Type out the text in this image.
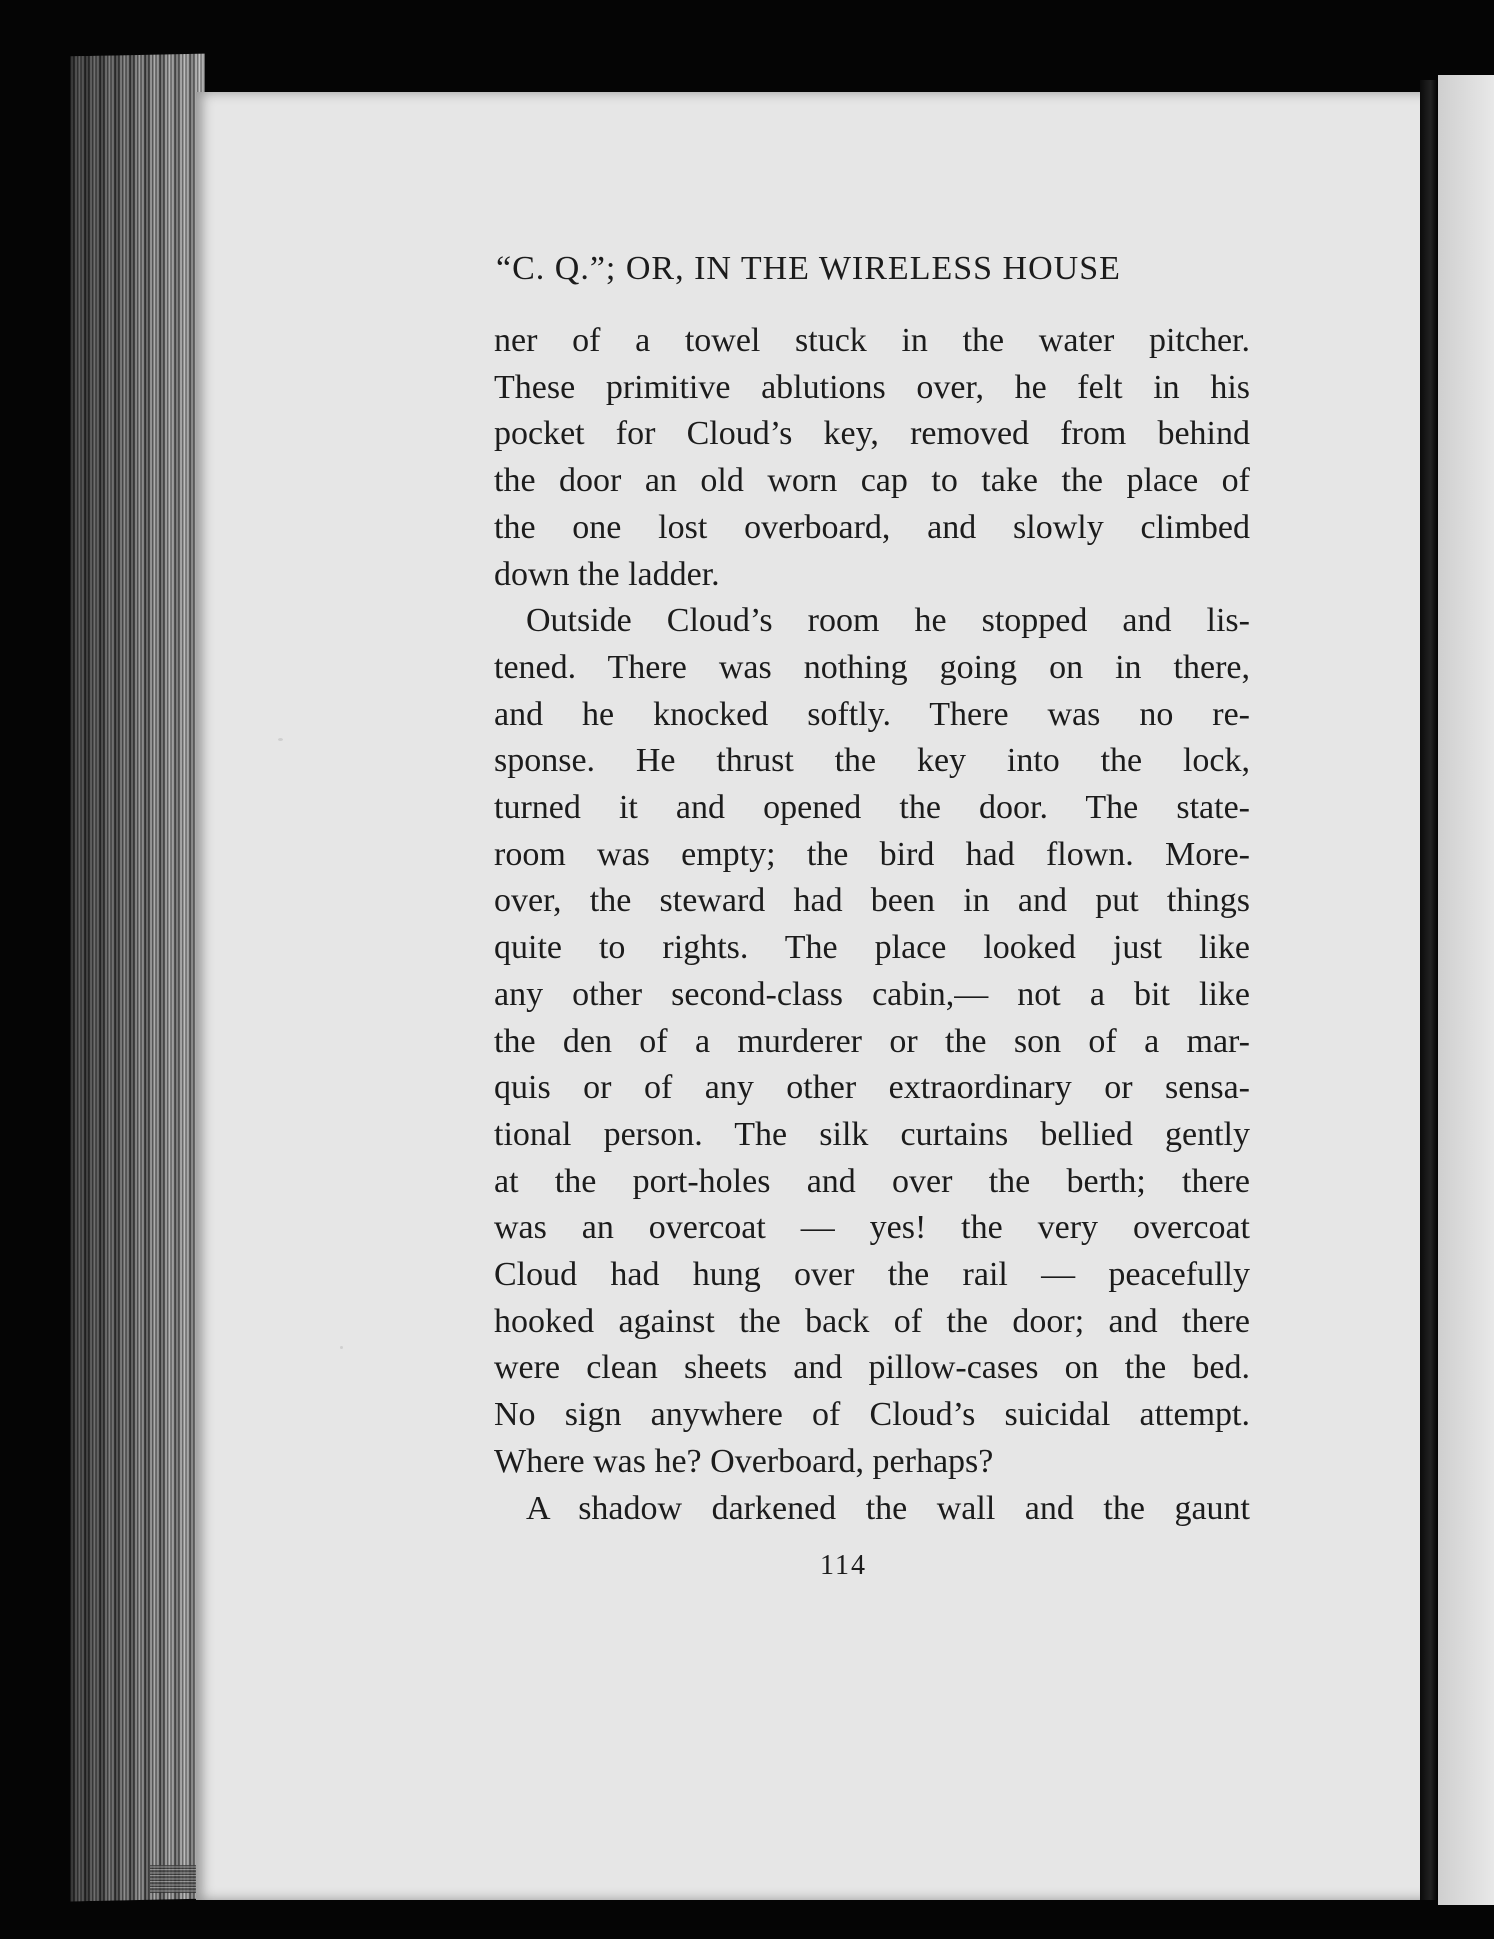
“C. Q.”; OR, IN THE WIRELESS HOUSE

ner of a towel stuck in the water pitcher.
These primitive ablutions over, he felt in his
pocket for Cloud’s key, removed from behind
the door an old worn cap to take the place of
the one lost overboard, and slowly climbed
down the ladder.

Outside Cloud’s room he stopped and lis-
tened. There was nothing going on in there,
and he knocked softly. There was no re-
sponse. He thrust the key into the lock,
turned it and opened the door. The state-
room was empty; the bird had flown. More-
over, the steward had been in and put things
quite to rights. The place looked just like
any other second-class cabin,— not a bit like
the den of a murderer or the son of a mar-
quis or of any other extraordinary or sensa-
tional person. The silk curtains bellied gently
at the port-holes and over the berth; there
was an overcoat — yes! the very overcoat
Cloud had hung over the rail — peacefully
hooked against the back of the door; and there
were clean sheets and pillow-cases on the bed.
No sign anywhere of Cloud’s suicidal attempt.
Where was he? Overboard, perhaps?

A shadow darkened the wall and the gaunt

114
